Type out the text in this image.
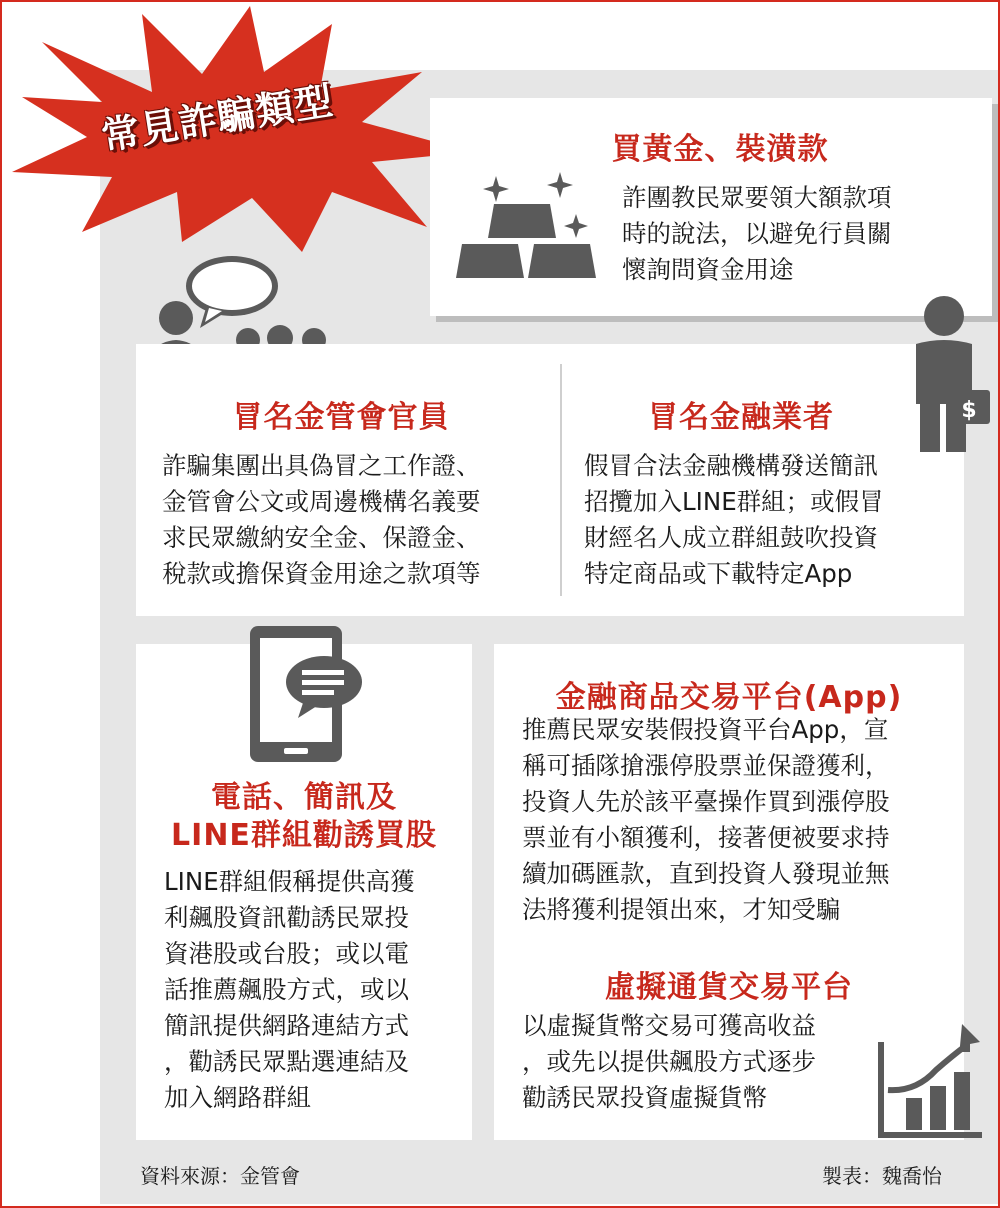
常見詐騙類型	買黃金、裝潢款
詐團教民眾要領大額款項
時的說法，以避免行員關
懷詢問資金用途
冒名金管會官員
詐騙集團出具偽冒之工作證、
金管會公文或周邊機構名義要
求民眾繳納安全金、保證金、
稅款或擔保資金用途之款項等
冒名金融業者
假冒合法金融機構發送簡訊
招攬加入LINE群組；或假冒
財經名人成立群組鼓吹投資
特定商品或下載特定App
$
電話、簡訊及
LINE群組勸誘買股
LINE群組假稱提供高獲
利飆股資訊勸誘民眾投
資港股或台股；或以電
話推薦飆股方式，或以
簡訊提供網路連結方式
，勸誘民眾點選連結及
加入網路群組
金融商品交易平台(App)
推薦民眾安裝假投資平台App，宣
稱可插隊搶漲停股票並保證獲利，
投資人先於該平臺操作買到漲停股
票並有小額獲利，接著便被要求持
續加碼匯款，直到投資人發現並無
法將獲利提領出來，才知受騙
虛擬通貨交易平台
以虛擬貨幣交易可獲高收益
，或先以提供飆股方式逐步
勸誘民眾投資虛擬貨幣
資料來源：金管會	製表：魏喬怡
